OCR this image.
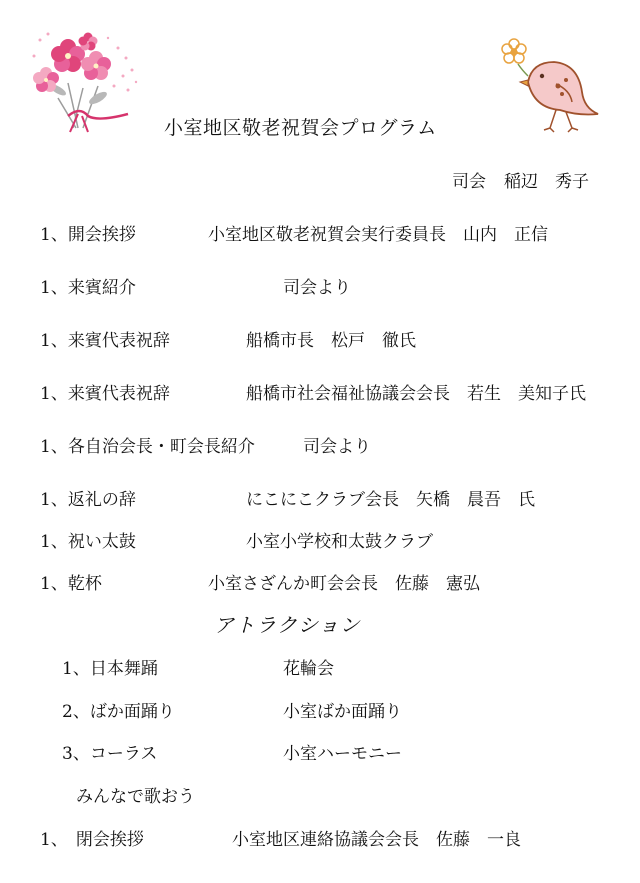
小室地区敬老祝賀会プログラム
司会 稲辺　秀子
1、開会挨拶	小室地区敬老祝賀会実行委員長　山内　正信
1、来賓紹介	司会より
1、来賓代表祝辞	船橋市長　松戸　徹氏
1、来賓代表祝辞	船橋市社会福祉協議会会長　若生　美知子氏
1、各自治会長・町会長紹介	司会より
1、返礼の辞	にこにこクラブ会長　矢橋　晨吾　氏
1、祝い太鼓	小室小学校和太鼓クラブ
1、乾杯	小室さざんか町会会長　佐藤　憲弘
アトラクション
1、日本舞踊	花輪会
2、ばか面踊り	小室ばか面踊り
3、コーラス	小室ハーモニー
みんなで歌おう
1、 閉会挨拶	小室地区連絡協議会会長　佐藤　一良
